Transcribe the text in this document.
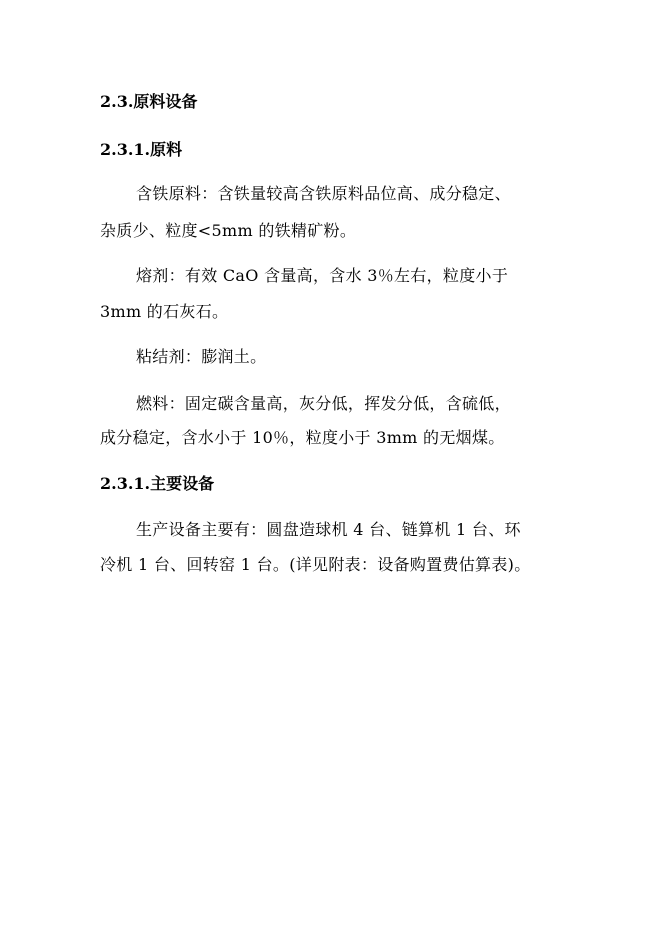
2.3.原料设备
2.3.1.原料
含铁原料：含铁量较高含铁原料品位高、成分稳定、
杂质少、粒度<5mm 的铁精矿粉。
熔剂：有效 CaO 含量高，含水 3％左右，粒度小于
3mm 的石灰石。
粘结剂：膨润土。
燃料：固定碳含量高，灰分低，挥发分低，含硫低，
成分稳定，含水小于 10％，粒度小于 3mm 的无烟煤。
2.3.1.主要设备
生产设备主要有：圆盘造球机 4 台、链算机 1 台、环
冷机 1 台、回转窑 1 台。(详见附表：设备购置费估算表)。
